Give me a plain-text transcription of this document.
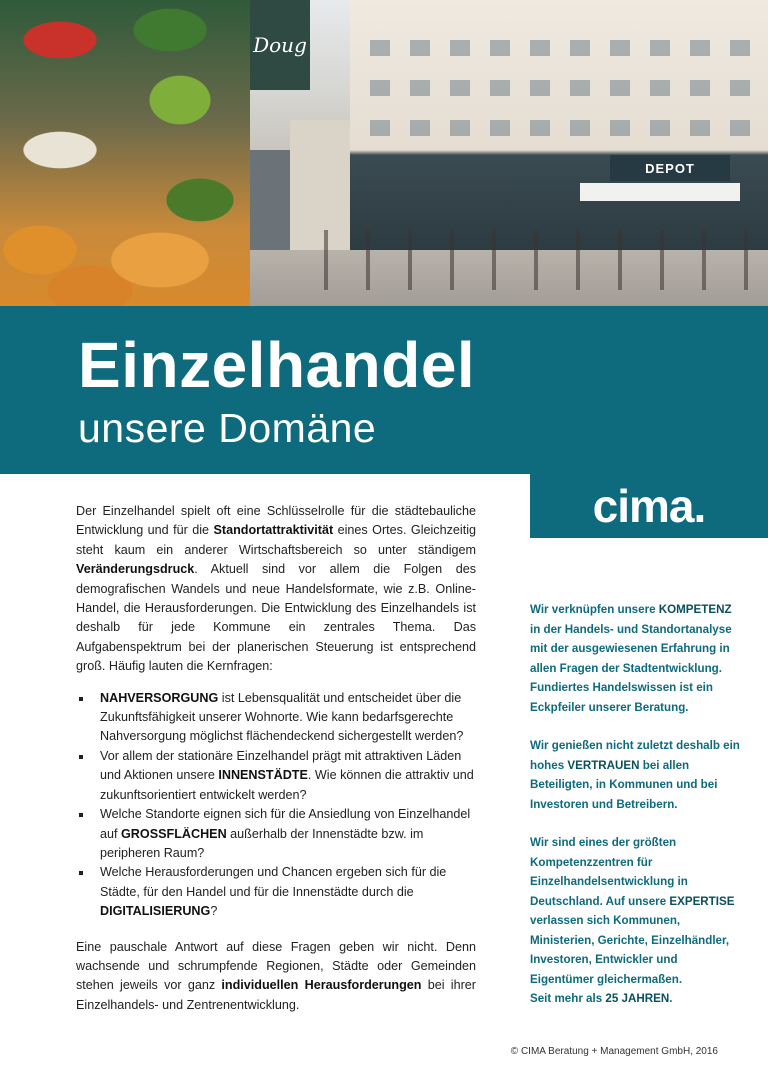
DEPOT
Doug
Einzelhandel
unsere Domäne
cima.

Der Einzelhandel spielt oft eine Schlüsselrolle für die städtebauliche Entwicklung und für die Standortattraktivität eines Ortes. Gleichzeitig steht kaum ein anderer Wirtschaftsbereich so unter ständigem Veränderungsdruck. Aktuell sind vor allem die Folgen des demografischen Wandels und neue Handelsformate, wie z.B. Online-Handel, die Herausforderungen. Die Entwicklung des Einzelhandels ist deshalb für jede Kommune ein zentrales Thema. Das Aufgabenspektrum bei der planerischen Steuerung ist entsprechend groß. Häufig lauten die Kernfragen:

NAHVERSORGUNG ist Lebensqualität und entscheidet über die Zukunftsfähigkeit unserer Wohnorte. Wie kann bedarfsgerechte Nahversorgung möglichst flächendeckend sichergestellt werden?
Vor allem der stationäre Einzelhandel prägt mit attraktiven Läden und Aktionen unsere INNENSTÄDTE. Wie können die attraktiv und zukunftsorientiert entwickelt werden?
Welche Standorte eignen sich für die Ansiedlung von Einzelhandel auf GROSSFLÄCHEN außerhalb der Innenstädte bzw. im peripheren Raum?
Welche Herausforderungen und Chancen ergeben sich für die Städte, für den Handel und für die Innenstädte durch die DIGITALISIERUNG?

Eine pauschale Antwort auf diese Fragen geben wir nicht. Denn wachsende und schrumpfende Regionen, Städte oder Gemeinden stehen jeweils vor ganz individuellen Herausforderungen bei ihrer Einzelhandels- und Zentrenentwicklung.

Wir verknüpfen unsere KOMPETENZ in der Handels- und Standortanalyse mit der ausgewiesenen Erfahrung in allen Fragen der Stadtentwicklung. Fundiertes Handelswissen ist ein Eckpfeiler unserer Beratung.

Wir genießen nicht zuletzt deshalb ein hohes VERTRAUEN bei allen Beteiligten, in Kommunen und bei Investoren und Betreibern.

Wir sind eines der größten Kompetenzzentren für Einzelhandelsentwicklung in Deutschland. Auf unsere EXPERTISE verlassen sich Kommunen, Ministerien, Gerichte, Einzelhändler, Investoren, Entwickler und Eigentümer gleichermaßen.

Seit mehr als 25 JAHREN.

© CIMA Beratung + Management GmbH, 2016
